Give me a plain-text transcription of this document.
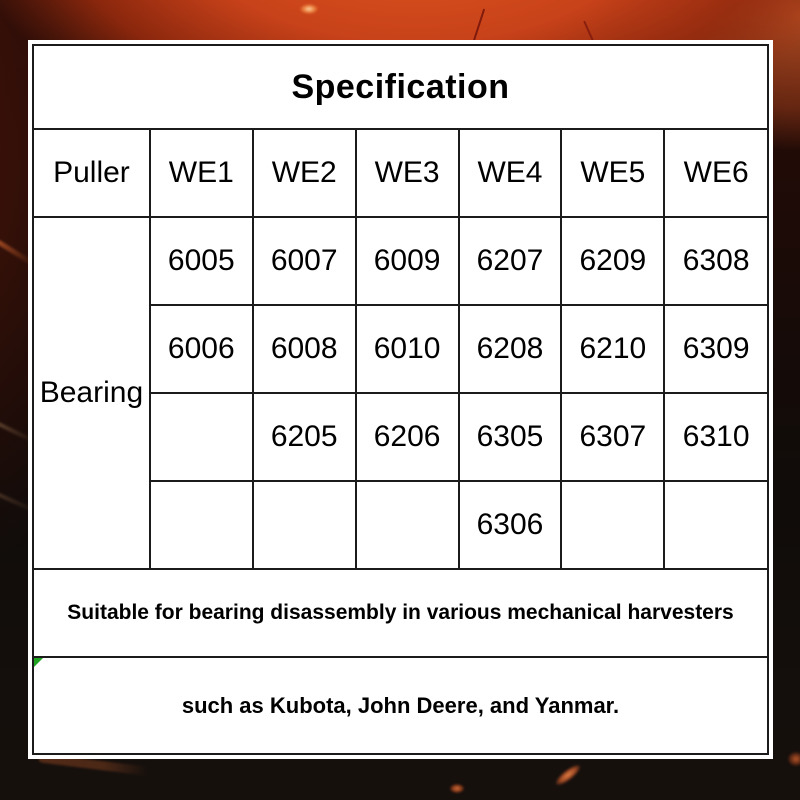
Specification						
Puller	WE1	WE2	WE3	WE4	WE5	WE6
Bearing	6005	6007	6009	6207	6209	6308
	6006	6008	6010	6208	6210	6309
		6205	6206	6305	6307	6310
				6306		

Suitable for bearing disassembly in various mechanical harvesters						

such as Kubota, John Deere, and Yanmar.						
